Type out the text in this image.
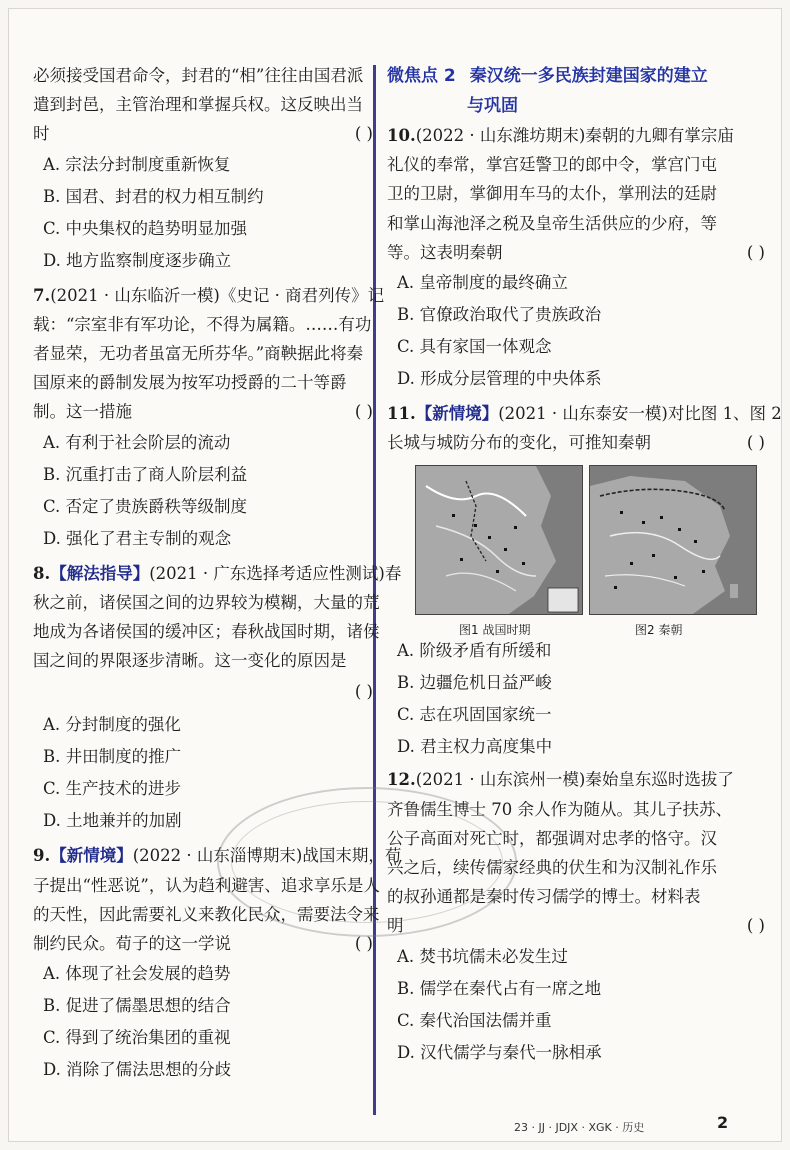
必须接受国君命令，封君的“相”往往由国君派
遣到封邑，主管治理和掌握兵权。这反映出当
时	( )
A. 宗法分封制度重新恢复
B. 国君、封君的权力相互制约
C. 中央集权的趋势明显加强
D. 地方监察制度逐步确立
7.(2021 · 山东临沂一模)《史记 · 商君列传》记
载：“宗室非有军功论，不得为属籍。……有功
者显荣，无功者虽富无所芬华。”商鞅据此将秦
国原来的爵制发展为按军功授爵的二十等爵
制。这一措施	( )
A. 有利于社会阶层的流动
B. 沉重打击了商人阶层利益
C. 否定了贵族爵秩等级制度
D. 强化了君主专制的观念
8.【解法指导】(2021 · 广东选择考适应性测试)春
秋之前，诸侯国之间的边界较为模糊，大量的荒
地成为各诸侯国的缓冲区；春秋战国时期，诸侯
国之间的界限逐步清晰。这一变化的原因是
( )
A. 分封制度的强化
B. 井田制度的推广
C. 生产技术的进步
D. 土地兼并的加剧
9.【新情境】(2022 · 山东淄博期末)战国末期，荀
子提出“性恶说”，认为趋利避害、追求享乐是人
的天性，因此需要礼义来教化民众，需要法令来
制约民众。荀子的这一学说	( )
A. 体现了社会发展的趋势
B. 促进了儒墨思想的结合
C. 得到了统治集团的重视
D. 消除了儒法思想的分歧
微焦点 2 秦汉统一多民族封建国家的建立
与巩固
10.(2022 · 山东潍坊期末)秦朝的九卿有掌宗庙
礼仪的奉常，掌宫廷警卫的郎中令，掌宫门屯
卫的卫尉，掌御用车马的太仆，掌刑法的廷尉
和掌山海池泽之税及皇帝生活供应的少府，等
等。这表明秦朝	( )
A. 皇帝制度的最终确立
B. 官僚政治取代了贵族政治
C. 具有家国一体观念
D. 形成分层管理的中央体系
11.【新情境】(2021 · 山东泰安一模)对比图 1、图 2
长城与城防分布的变化，可推知秦朝	( )
图1 战国时期	图2 秦朝
A. 阶级矛盾有所缓和
B. 边疆危机日益严峻
C. 志在巩固国家统一
D. 君主权力高度集中
12.(2021 · 山东滨州一模)秦始皇东巡时选拔了
齐鲁儒生博士 70 余人作为随从。其儿子扶苏、
公子高面对死亡时，都强调对忠孝的恪守。汉
兴之后，续传儒家经典的伏生和为汉制礼作乐
的叔孙通都是秦时传习儒学的博士。材料表
明	( )
A. 焚书坑儒未必发生过
B. 儒学在秦代占有一席之地
C. 秦代治国法儒并重
D. 汉代儒学与秦代一脉相承
23 · JJ · JDJX · XGK · 历史	2
